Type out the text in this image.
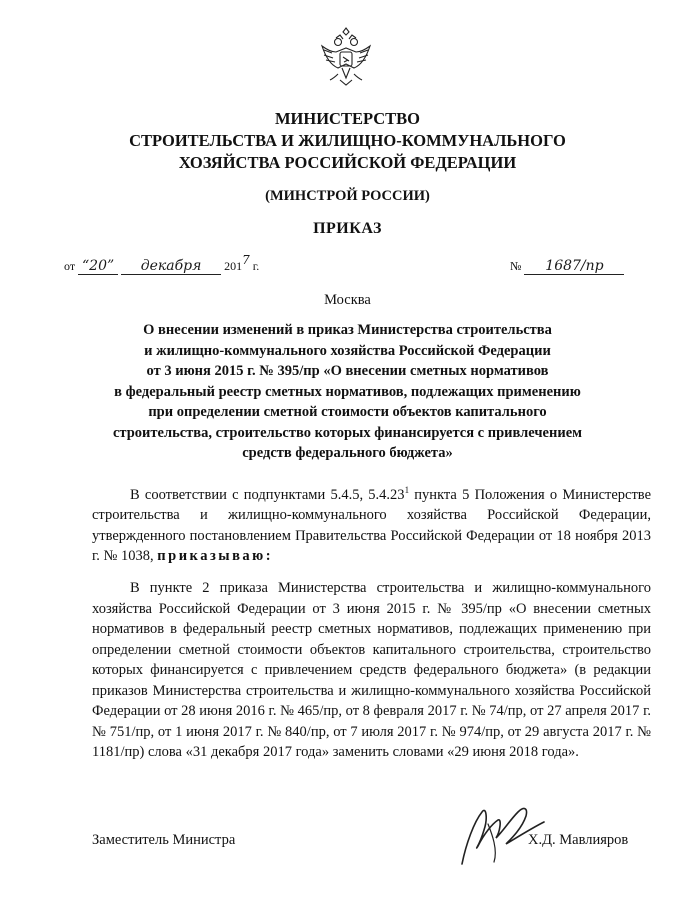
МИНИСТЕРСТВО
СТРОИТЕЛЬСТВА И ЖИЛИЩНО-КОММУНАЛЬНОГО
ХОЗЯЙСТВА РОССИЙСКОЙ ФЕДЕРАЦИИ
(МИНСТРОЙ РОССИИ)
ПРИКАЗ
от “20” декабря 2017 г.	№ 1687/пр
Москва
О внесении изменений в приказ Министерства строительства
и жилищно-коммунального хозяйства Российской Федерации
от 3 июня 2015 г. № 395/пр «О внесении сметных нормативов
в федеральный реестр сметных нормативов, подлежащих применению
при определении сметной стоимости объектов капитального
строительства, строительство которых финансируется с привлечением
средств федерального бюджета»
В соответствии с подпунктами 5.4.5, 5.4.23$^1$ пункта 5 Положения о Министерстве строительства и жилищно-коммунального хозяйства Российской Федерации, утвержденного постановлением Правительства Российской Федерации от 18 ноября 2013 г. № 1038, приказываю:
В пункте 2 приказа Министерства строительства и жилищно-коммунального хозяйства Российской Федерации от 3 июня 2015 г. № 395/пр «О внесении сметных нормативов в федеральный реестр сметных нормативов, подлежащих применению при определении сметной стоимости объектов капитального строительства, строительство которых финансируется с привлечением средств федерального бюджета» (в редакции приказов Министерства строительства и жилищно-коммунального хозяйства Российской Федерации от 28 июня 2016 г. № 465/пр, от 8 февраля 2017 г. № 74/пр, от 27 апреля 2017 г. № 751/пр, от 1 июня 2017 г. № 840/пр, от 7 июля 2017 г. № 974/пр, от 29 августа 2017 г. № 1181/пр) слова «31 декабря 2017 года» заменить словами «29 июня 2018 года».
Заместитель Министра	Х.Д. Мавлияров
